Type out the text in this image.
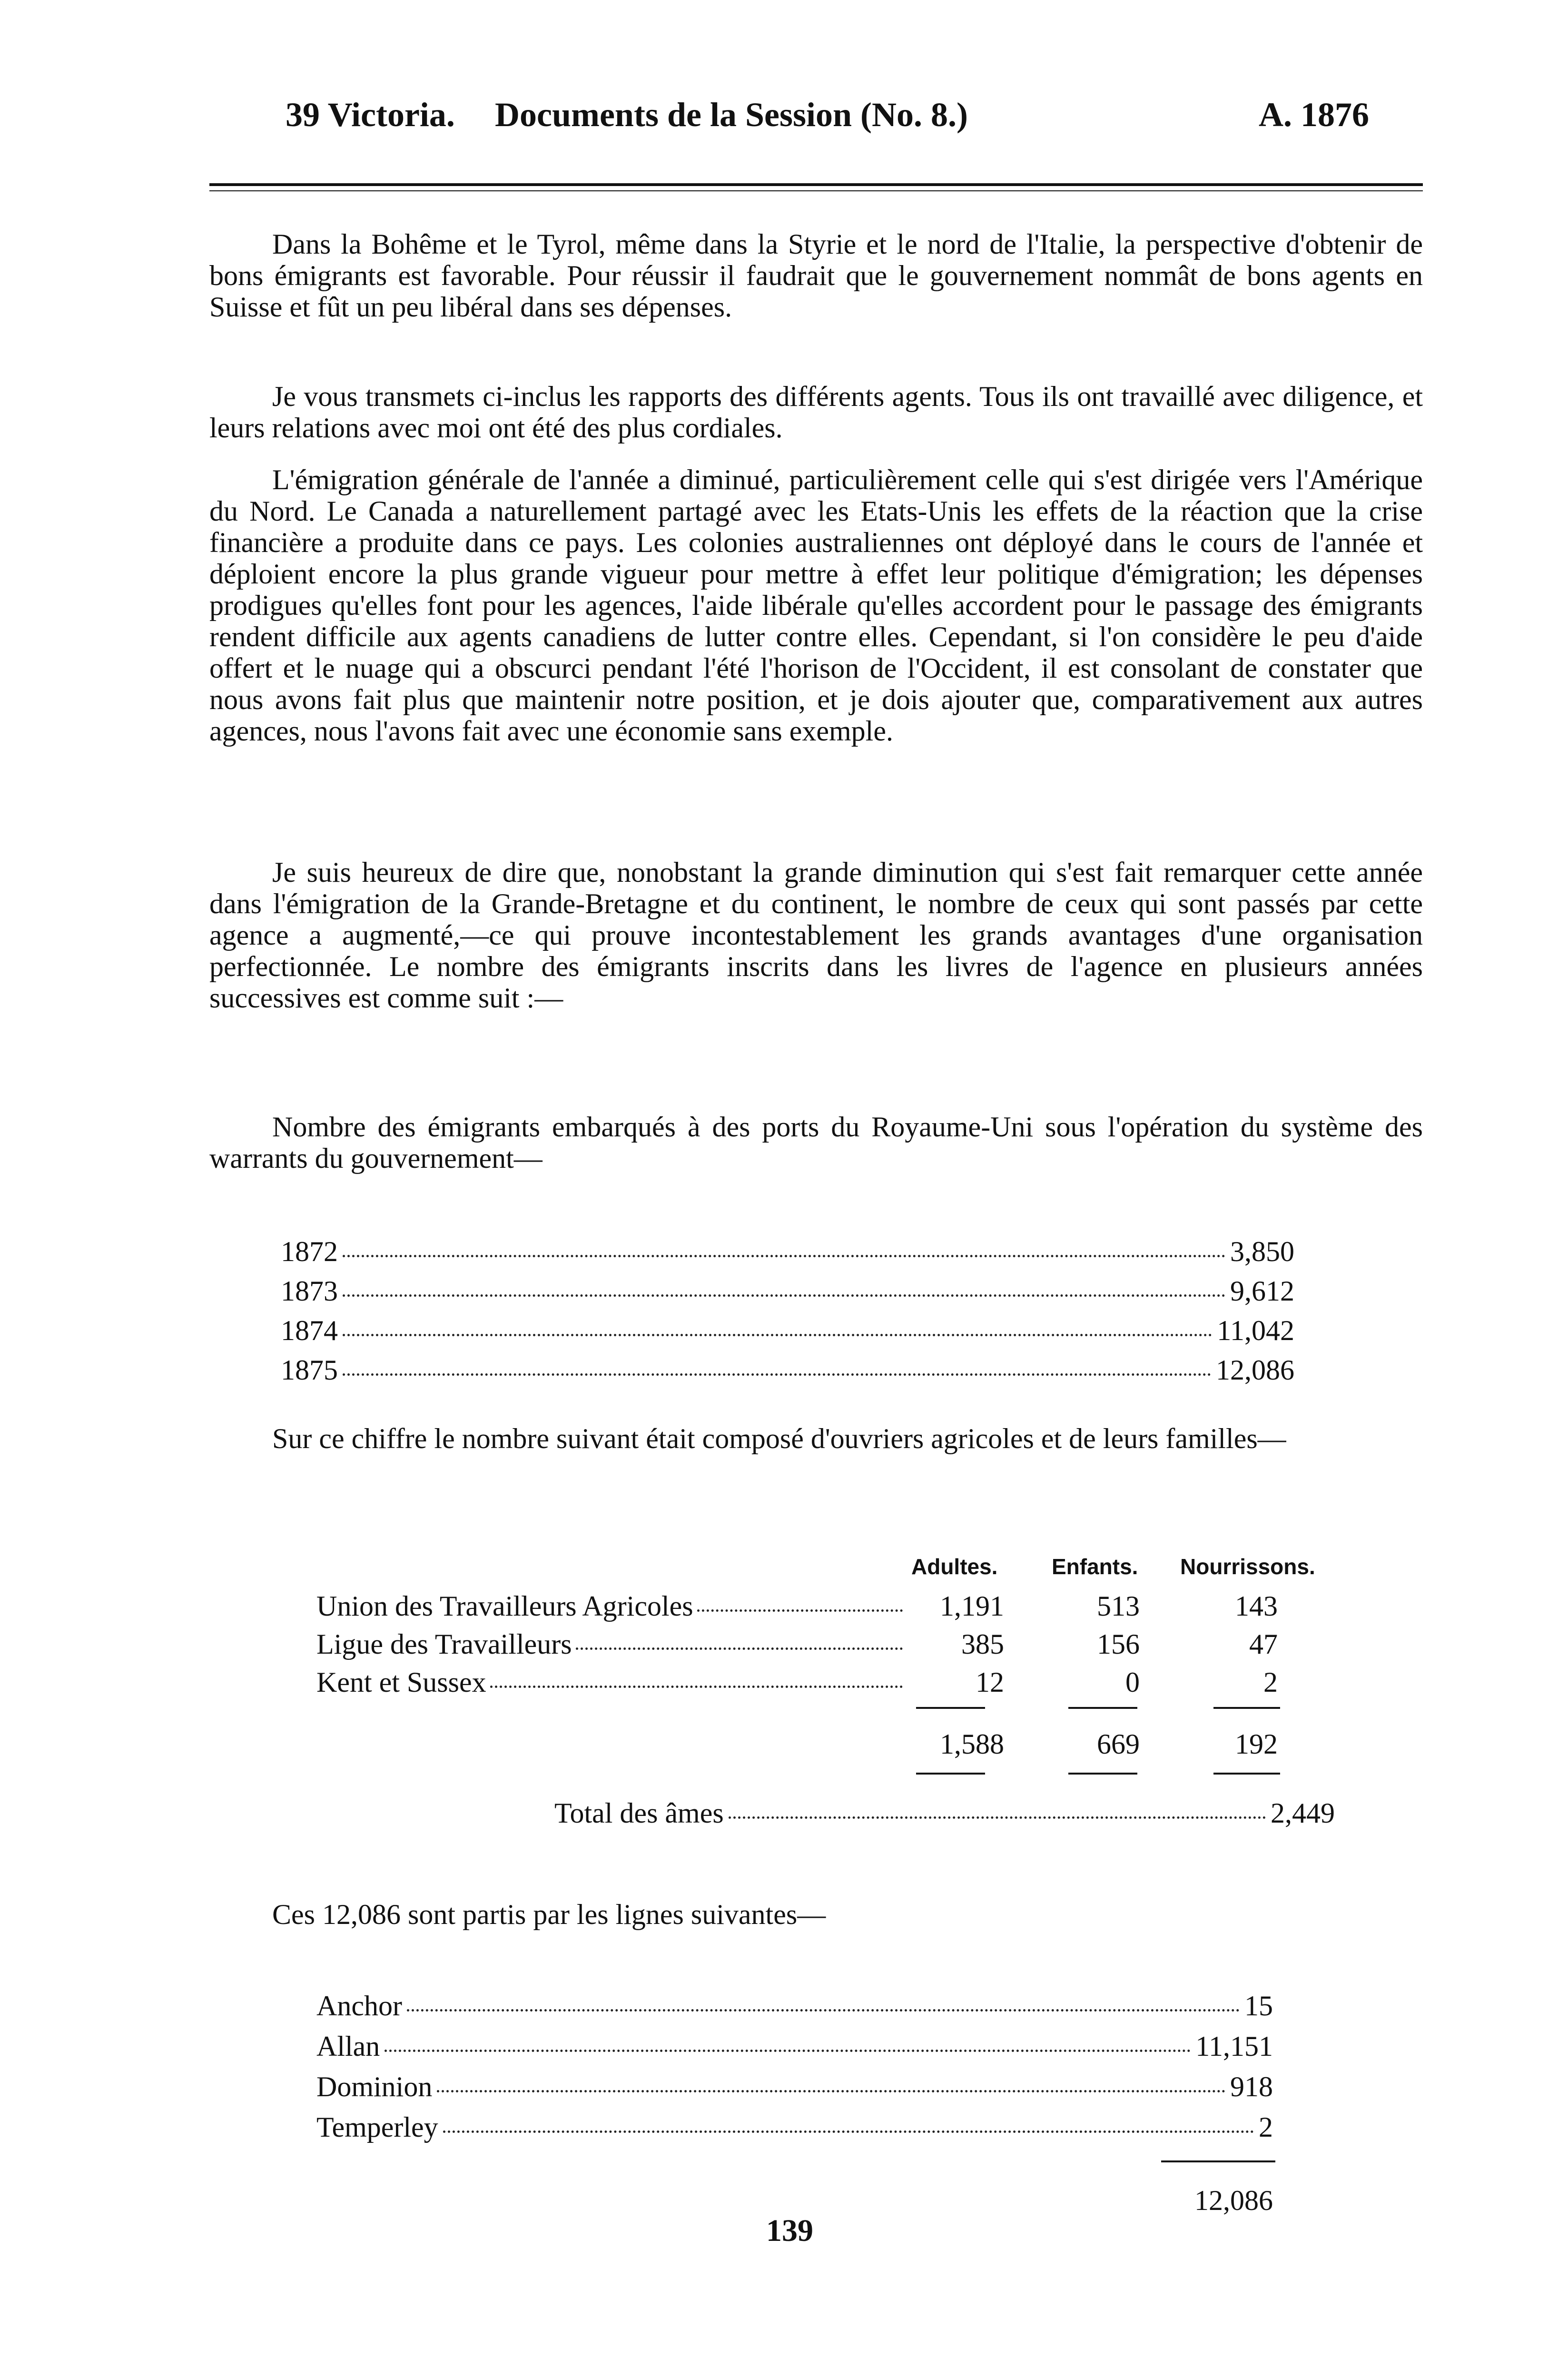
39 Victoria. Documents de la Session (No. 8.)	A. 1876

Dans la Bohême et le Tyrol, même dans la Styrie et le nord de l'Italie, la perspective d'obtenir de bons émigrants est favorable. Pour réussir il faudrait que le gouvernement nommât de bons agents en Suisse et fût un peu libéral dans ses dépenses.

Je vous transmets ci-inclus les rapports des différents agents. Tous ils ont travaillé avec diligence, et leurs relations avec moi ont été des plus cordiales.

L'émigration générale de l'année a diminué, particulièrement celle qui s'est dirigée vers l'Amérique du Nord. Le Canada a naturellement partagé avec les Etats-Unis les effets de la réaction que la crise financière a produite dans ce pays. Les colonies australiennes ont déployé dans le cours de l'année et déploient encore la plus grande vigueur pour mettre à effet leur politique d'émigration; les dépenses prodigues qu'elles font pour les agences, l'aide libérale qu'elles accordent pour le passage des émigrants rendent difficile aux agents canadiens de lutter contre elles. Cependant, si l'on considère le peu d'aide offert et le nuage qui a obscurci pendant l'été l'horison de l'Occident, il est consolant de constater que nous avons fait plus que maintenir notre position, et je dois ajouter que, comparativement aux autres agences, nous l'avons fait avec une économie sans exemple.

Je suis heureux de dire que, nonobstant la grande diminution qui s'est fait remarquer cette année dans l'émigration de la Grande-Bretagne et du continent, le nombre de ceux qui sont passés par cette agence a augmenté,—ce qui prouve incontestablement les grands avantages d'une organisation perfectionnée. Le nombre des émigrants inscrits dans les livres de l'agence en plusieurs années successives est comme suit :—

Nombre des émigrants embarqués à des ports du Royaume-Uni sous l'opération du système des warrants du gouvernement—

1872	3,850
1873	9,612
1874	11,042
1875	12,086

Sur ce chiffre le nombre suivant était composé d'ouvriers agricoles et de leurs familles—

Adultes. Enfants. Nourrissons.
Union des Travailleurs Agricoles	1,191	513	143
Ligue des Travailleurs	385	156	47
Kent et Sussex	12	0	2
1,588	669	192
Total des âmes	2,449

Ces 12,086 sont partis par les lignes suivantes—

Anchor	15
Allan	11,151
Dominion	918
Temperley	2
12,086
139
